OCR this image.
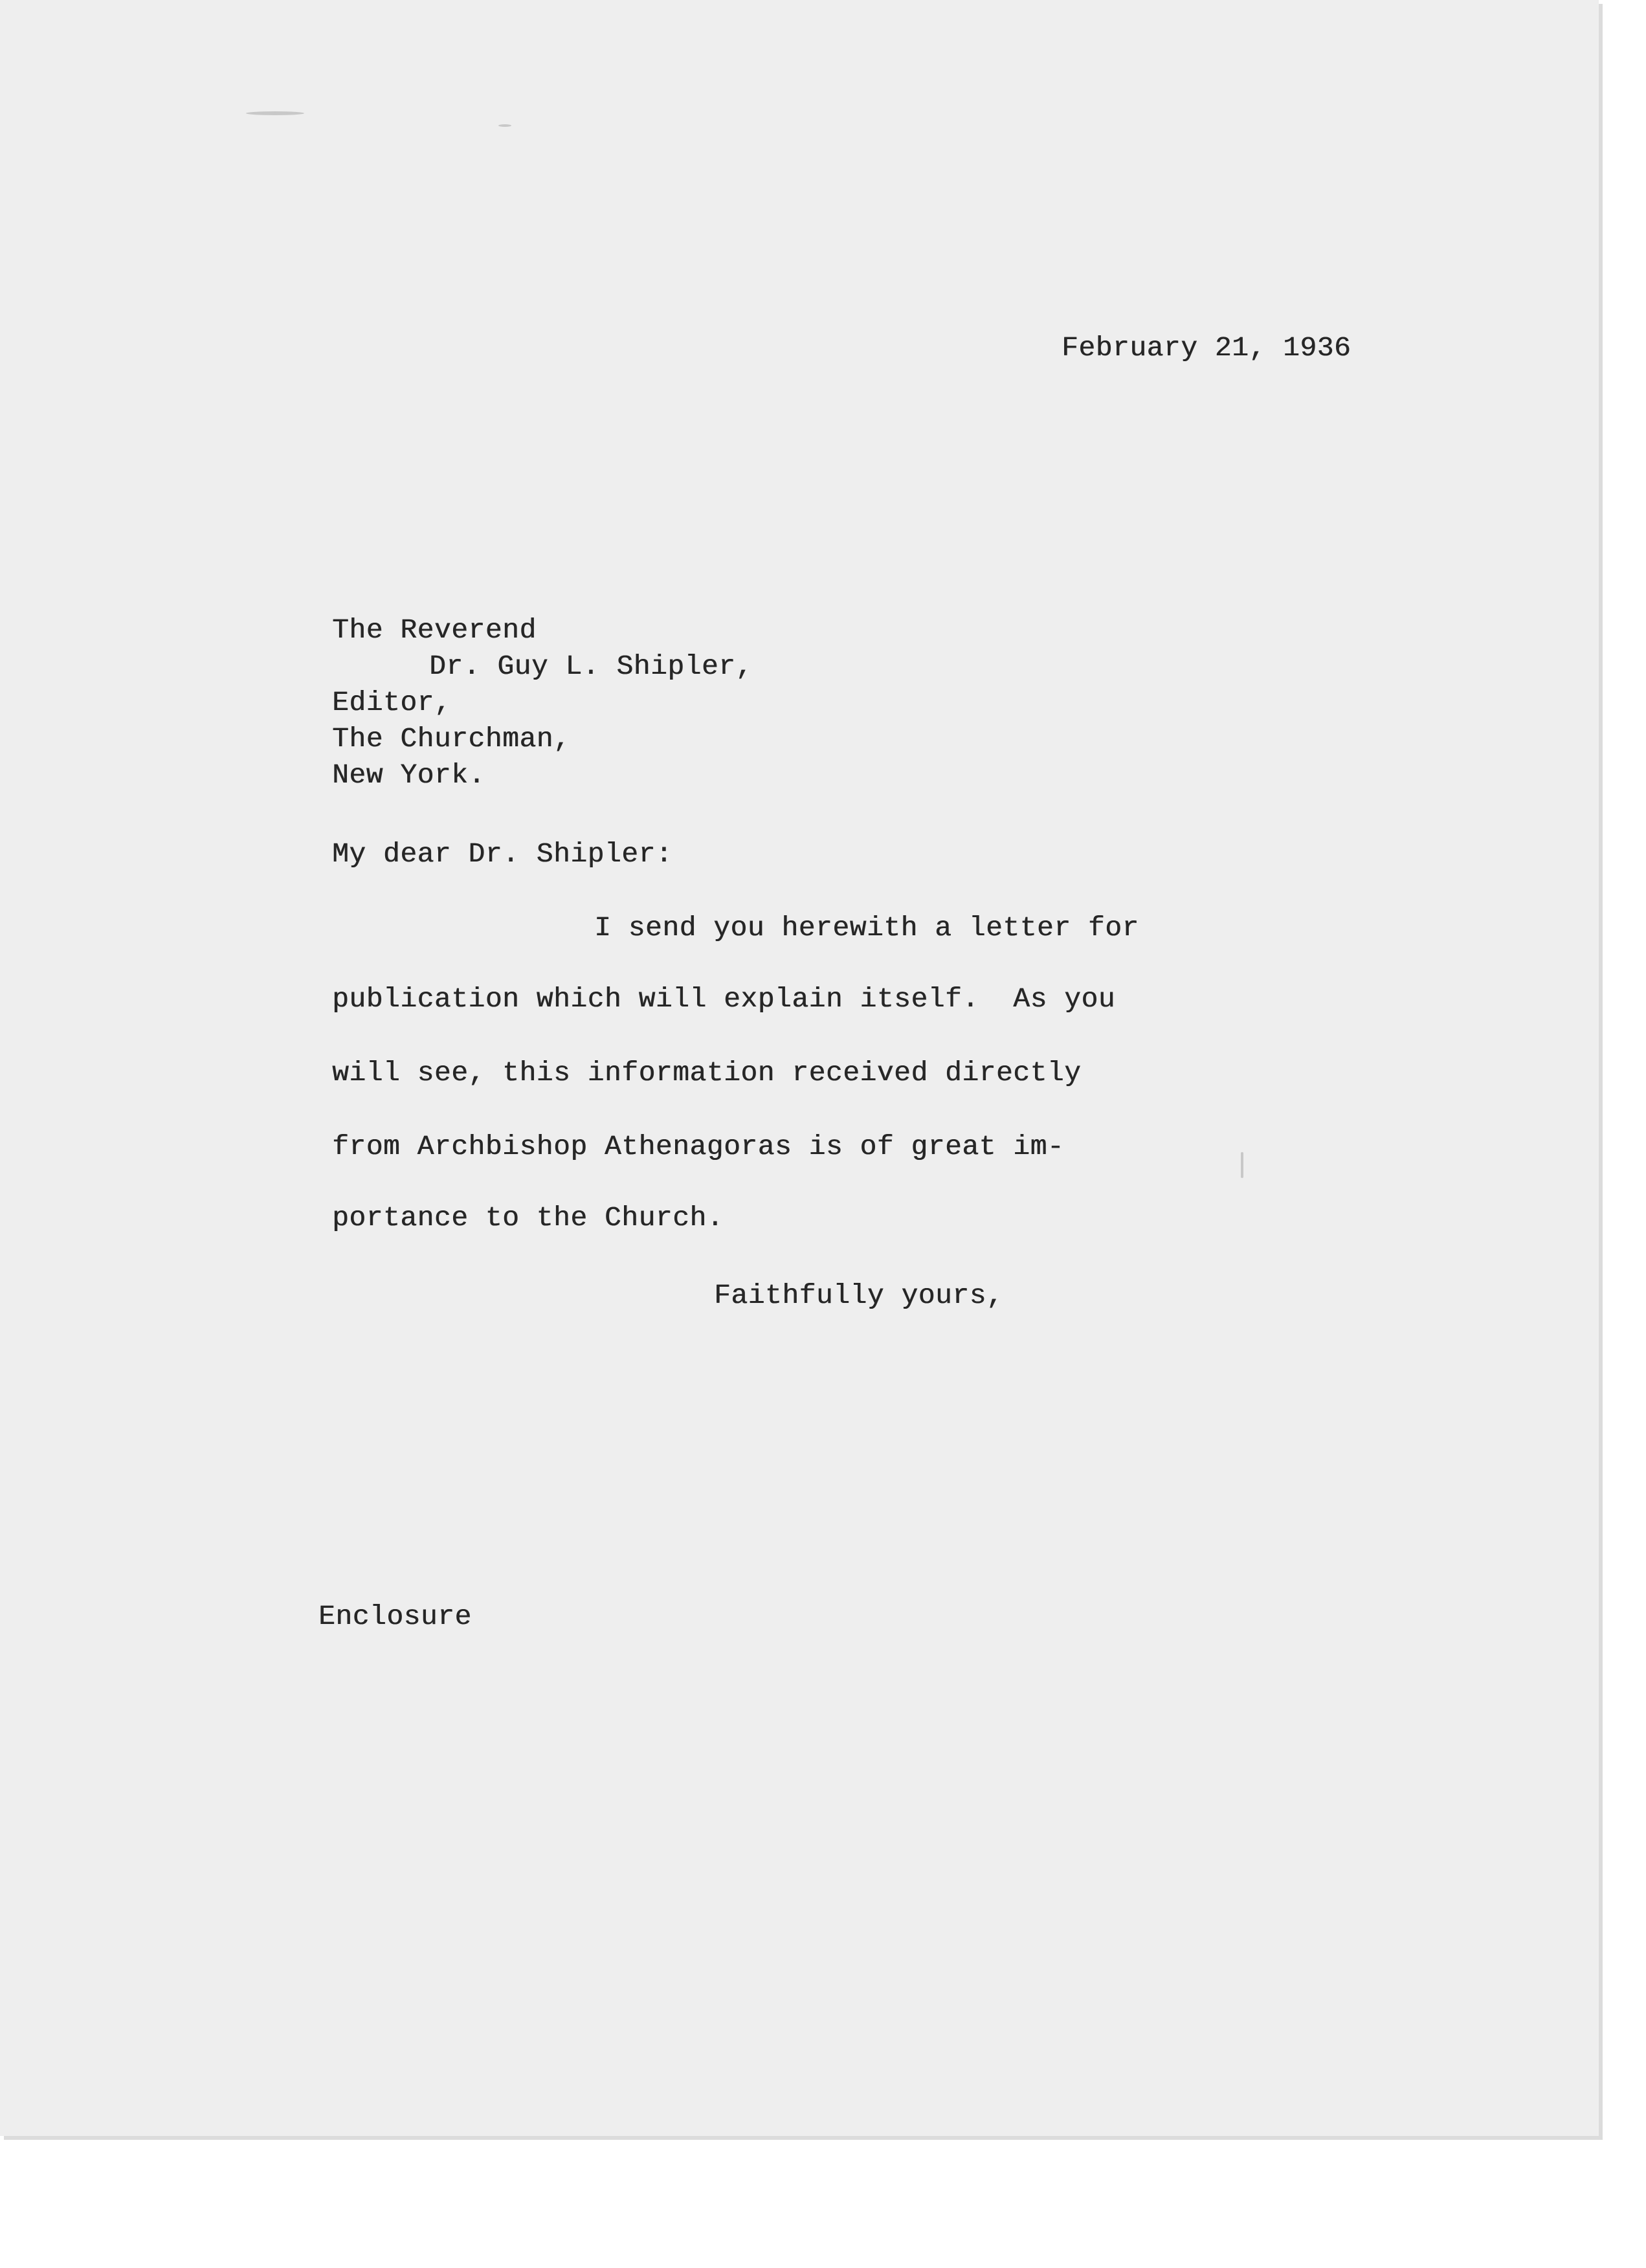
February 21, 1936

The Reverend

Dr. Guy L. Shipler,

Editor,

The Churchman,

New York.

My dear Dr. Shipler:

I send you herewith a letter for

publication which will explain itself.  As you

will see, this information received directly

from Archbishop Athenagoras is of great im-

portance to the Church.

Faithfully yours,

Enclosure
